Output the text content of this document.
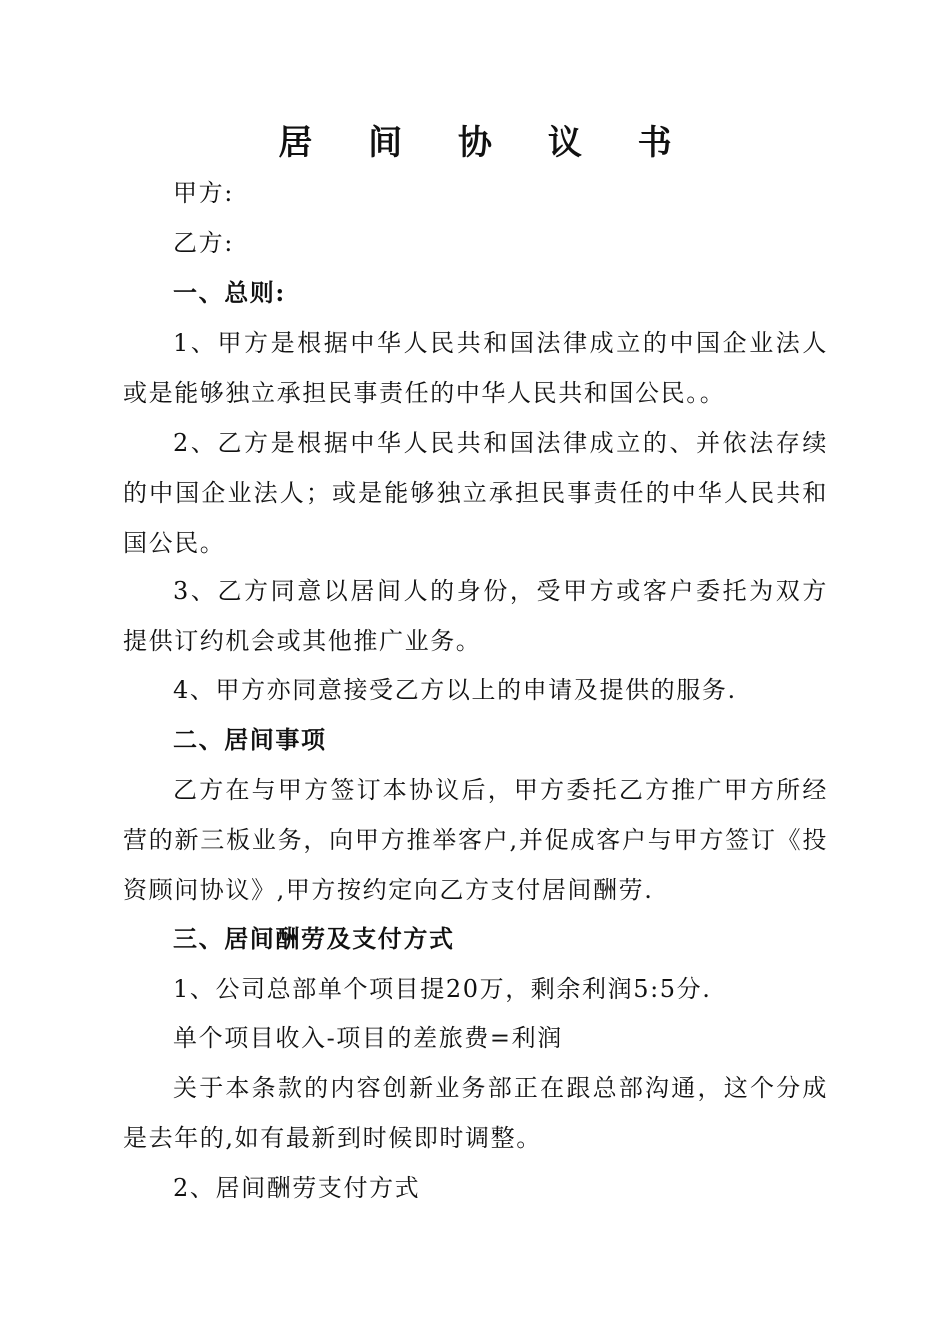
居 间 协 议 书
甲方:
乙方:
一、总则:

1、甲方是根据中华人民共和国法律成立的中国企业法人或是能够独立承担民事责任的中华人民共和国公民。。

2、乙方是根据中华人民共和国法律成立的、并依法存续的中国企业法人；或是能够独立承担民事责任的中华人民共和国公民。

3、乙方同意以居间人的身份，受甲方或客户委托为双方提供订约机会或其他推广业务。

4、甲方亦同意接受乙方以上的申请及提供的服务.
二、居间事项

乙方在与甲方签订本协议后，甲方委托乙方推广甲方所经营的新三板业务，向甲方推举客户,并促成客户与甲方签订《投资顾问协议》,甲方按约定向乙方支付居间酬劳.

三、居间酬劳及支付方式
1、公司总部单个项目提20万，剩余利润5:5分.
单个项目收入-项目的差旅费=利润

关于本条款的内容创新业务部正在跟总部沟通，这个分成是去年的,如有最新到时候即时调整。

2、居间酬劳支付方式
